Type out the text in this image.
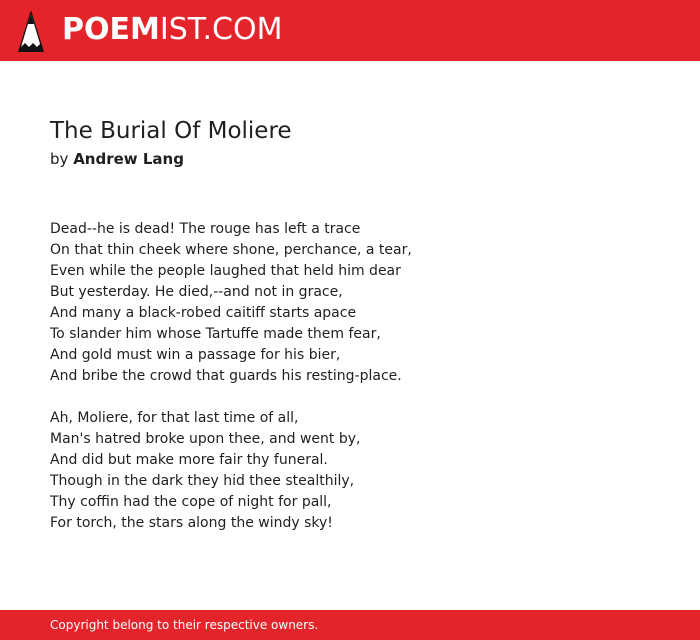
POEMIST.COM
The Burial Of Moliere
by Andrew Lang

Dead--he is dead! The rouge has left a trace
On that thin cheek where shone, perchance, a tear,
Even while the people laughed that held him dear
But yesterday. He died,--and not in grace,
And many a black-robed caitiff starts apace
To slander him whose Tartuffe made them fear,
And gold must win a passage for his bier,
And bribe the crowd that guards his resting-place.

Ah, Moliere, for that last time of all,
Man's hatred broke upon thee, and went by,
And did but make more fair thy funeral.
Though in the dark they hid thee stealthily,
Thy coffin had the cope of night for pall,
For torch, the stars along the windy sky!

Copyright belong to their respective owners.
